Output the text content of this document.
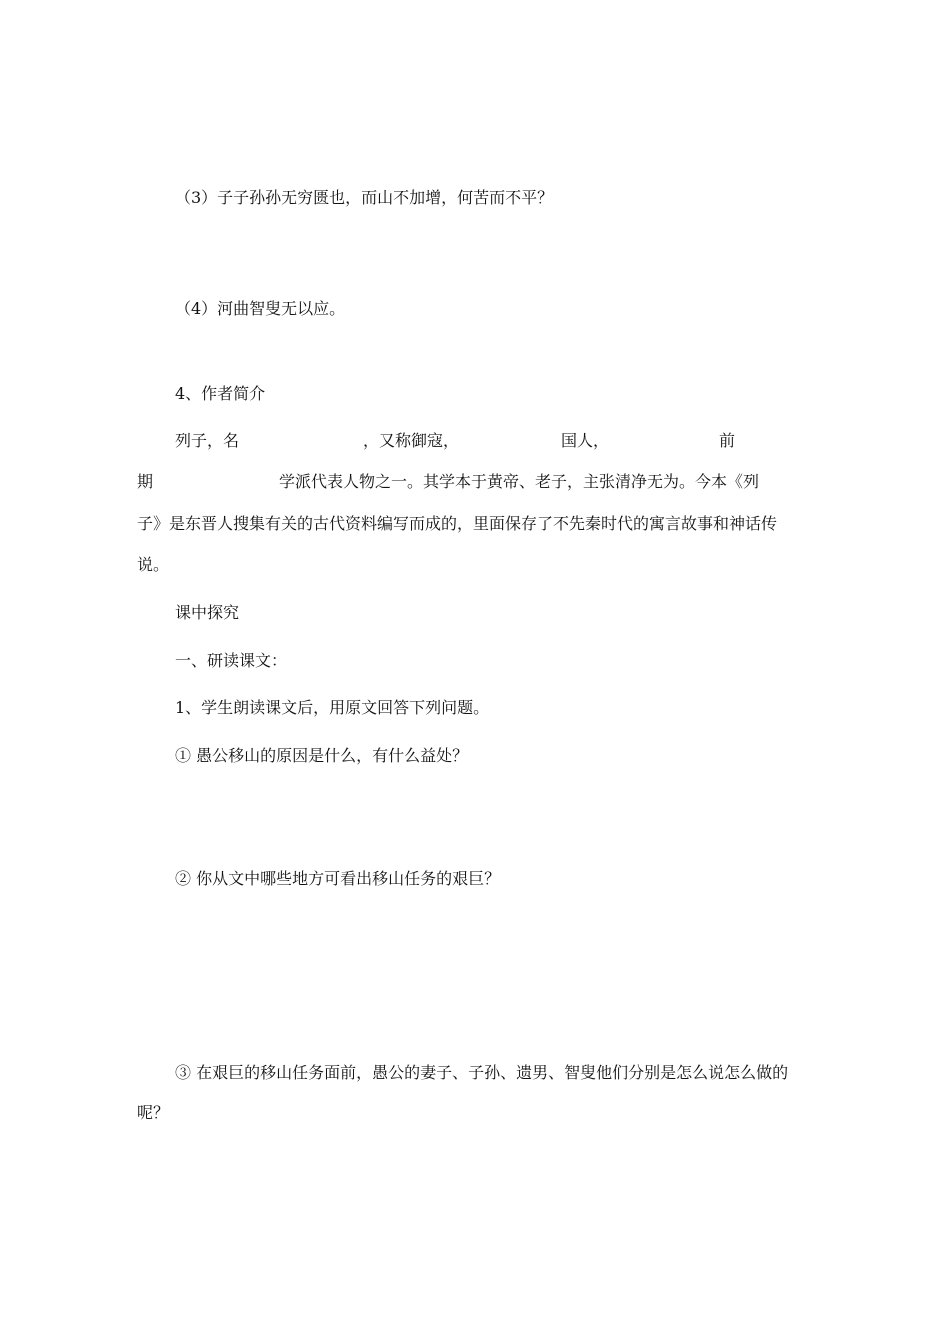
（3）子子孙孙无穷匮也，而山不加增，何苦而不平？

（4）河曲智叟无以应。

4、作者简介

列子，名	，又称御寇，	国人，	前
期	学派代表人物之一。其学本于黄帝、老子，主张清净无为。今本《列
子》是东晋人搜集有关的古代资料编写而成的，里面保存了不先秦时代的寓言故事和神话传
说。

课中探究

一、研读课文：

1、学生朗读课文后，用原文回答下列问题。

① 愚公移山的原因是什么，有什么益处？

② 你从文中哪些地方可看出移山任务的艰巨？

③ 在艰巨的移山任务面前，愚公的妻子、子孙、遗男、智叟他们分别是怎么说怎么做的

呢？
